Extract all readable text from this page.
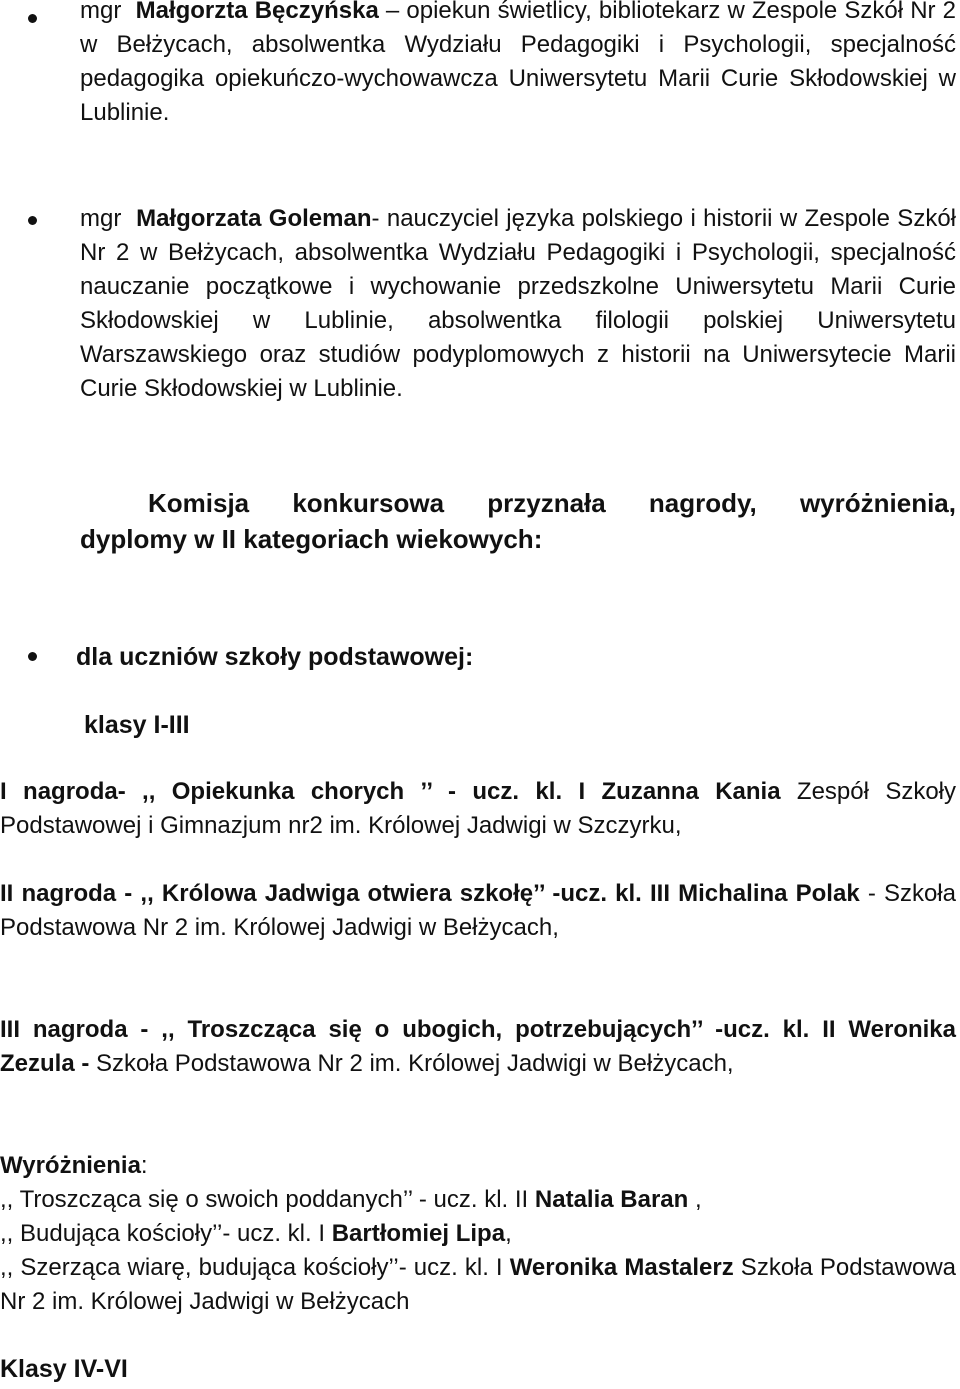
mgr Małgorzta Bęczyńska – opiekun świetlicy, bibliotekarz w Zespole Szkół Nr 2 w Bełżycach, absolwentka Wydziału Pedagogiki i Psychologii, specjalność pedagogika opiekuńczo-wychowawcza Uniwersytetu Marii Curie Skłodowskiej w Lublinie.

mgr Małgorzata Goleman- nauczyciel języka polskiego i historii w Zespole Szkół Nr 2 w Bełżycach, absolwentka Wydziału Pedagogiki i Psychologii, specjalność nauczanie początkowe i wychowanie przedszkolne Uniwersytetu Marii Curie Skłodowskiej w Lublinie, absolwentka filologii polskiej Uniwersytetu Warszawskiego oraz studiów podyplomowych z historii na Uniwersytecie Marii Curie Skłodowskiej w Lublinie.

Komisja konkursowa przyznała nagrody, wyróżnienia,
dyplomy w II kategoriach wiekowych:
dla uczniów szkoły podstawowej:
klasy I-III

I nagroda- ,, Opiekunka chorych ’’ - ucz. kl. I Zuzanna Kania Zespół Szkoły Podstawowej i Gimnazjum nr2 im. Królowej Jadwigi w Szczyrku,

II nagroda - ,, Królowa Jadwiga otwiera szkołę’’ -ucz. kl. III Michalina Polak - Szkoła Podstawowa Nr 2 im. Królowej Jadwigi w Bełżycach,

III nagroda - ,, Troszcząca się o ubogich, potrzebujących’’ -ucz. kl. II Weronika Zezula - Szkoła Podstawowa Nr 2 im. Królowej Jadwigi w Bełżycach,

Wyróżnienia:
,, Troszcząca się o swoich poddanych’’ - ucz. kl. II Natalia Baran ,
,, Budująca kościoły’’- ucz. kl. I Bartłomiej Lipa,

,, Szerząca wiarę, budująca kościoły’’- ucz. kl. I Weronika Mastalerz Szkoła Podstawowa Nr 2 im. Królowej Jadwigi w Bełżycach

Klasy IV-VI
